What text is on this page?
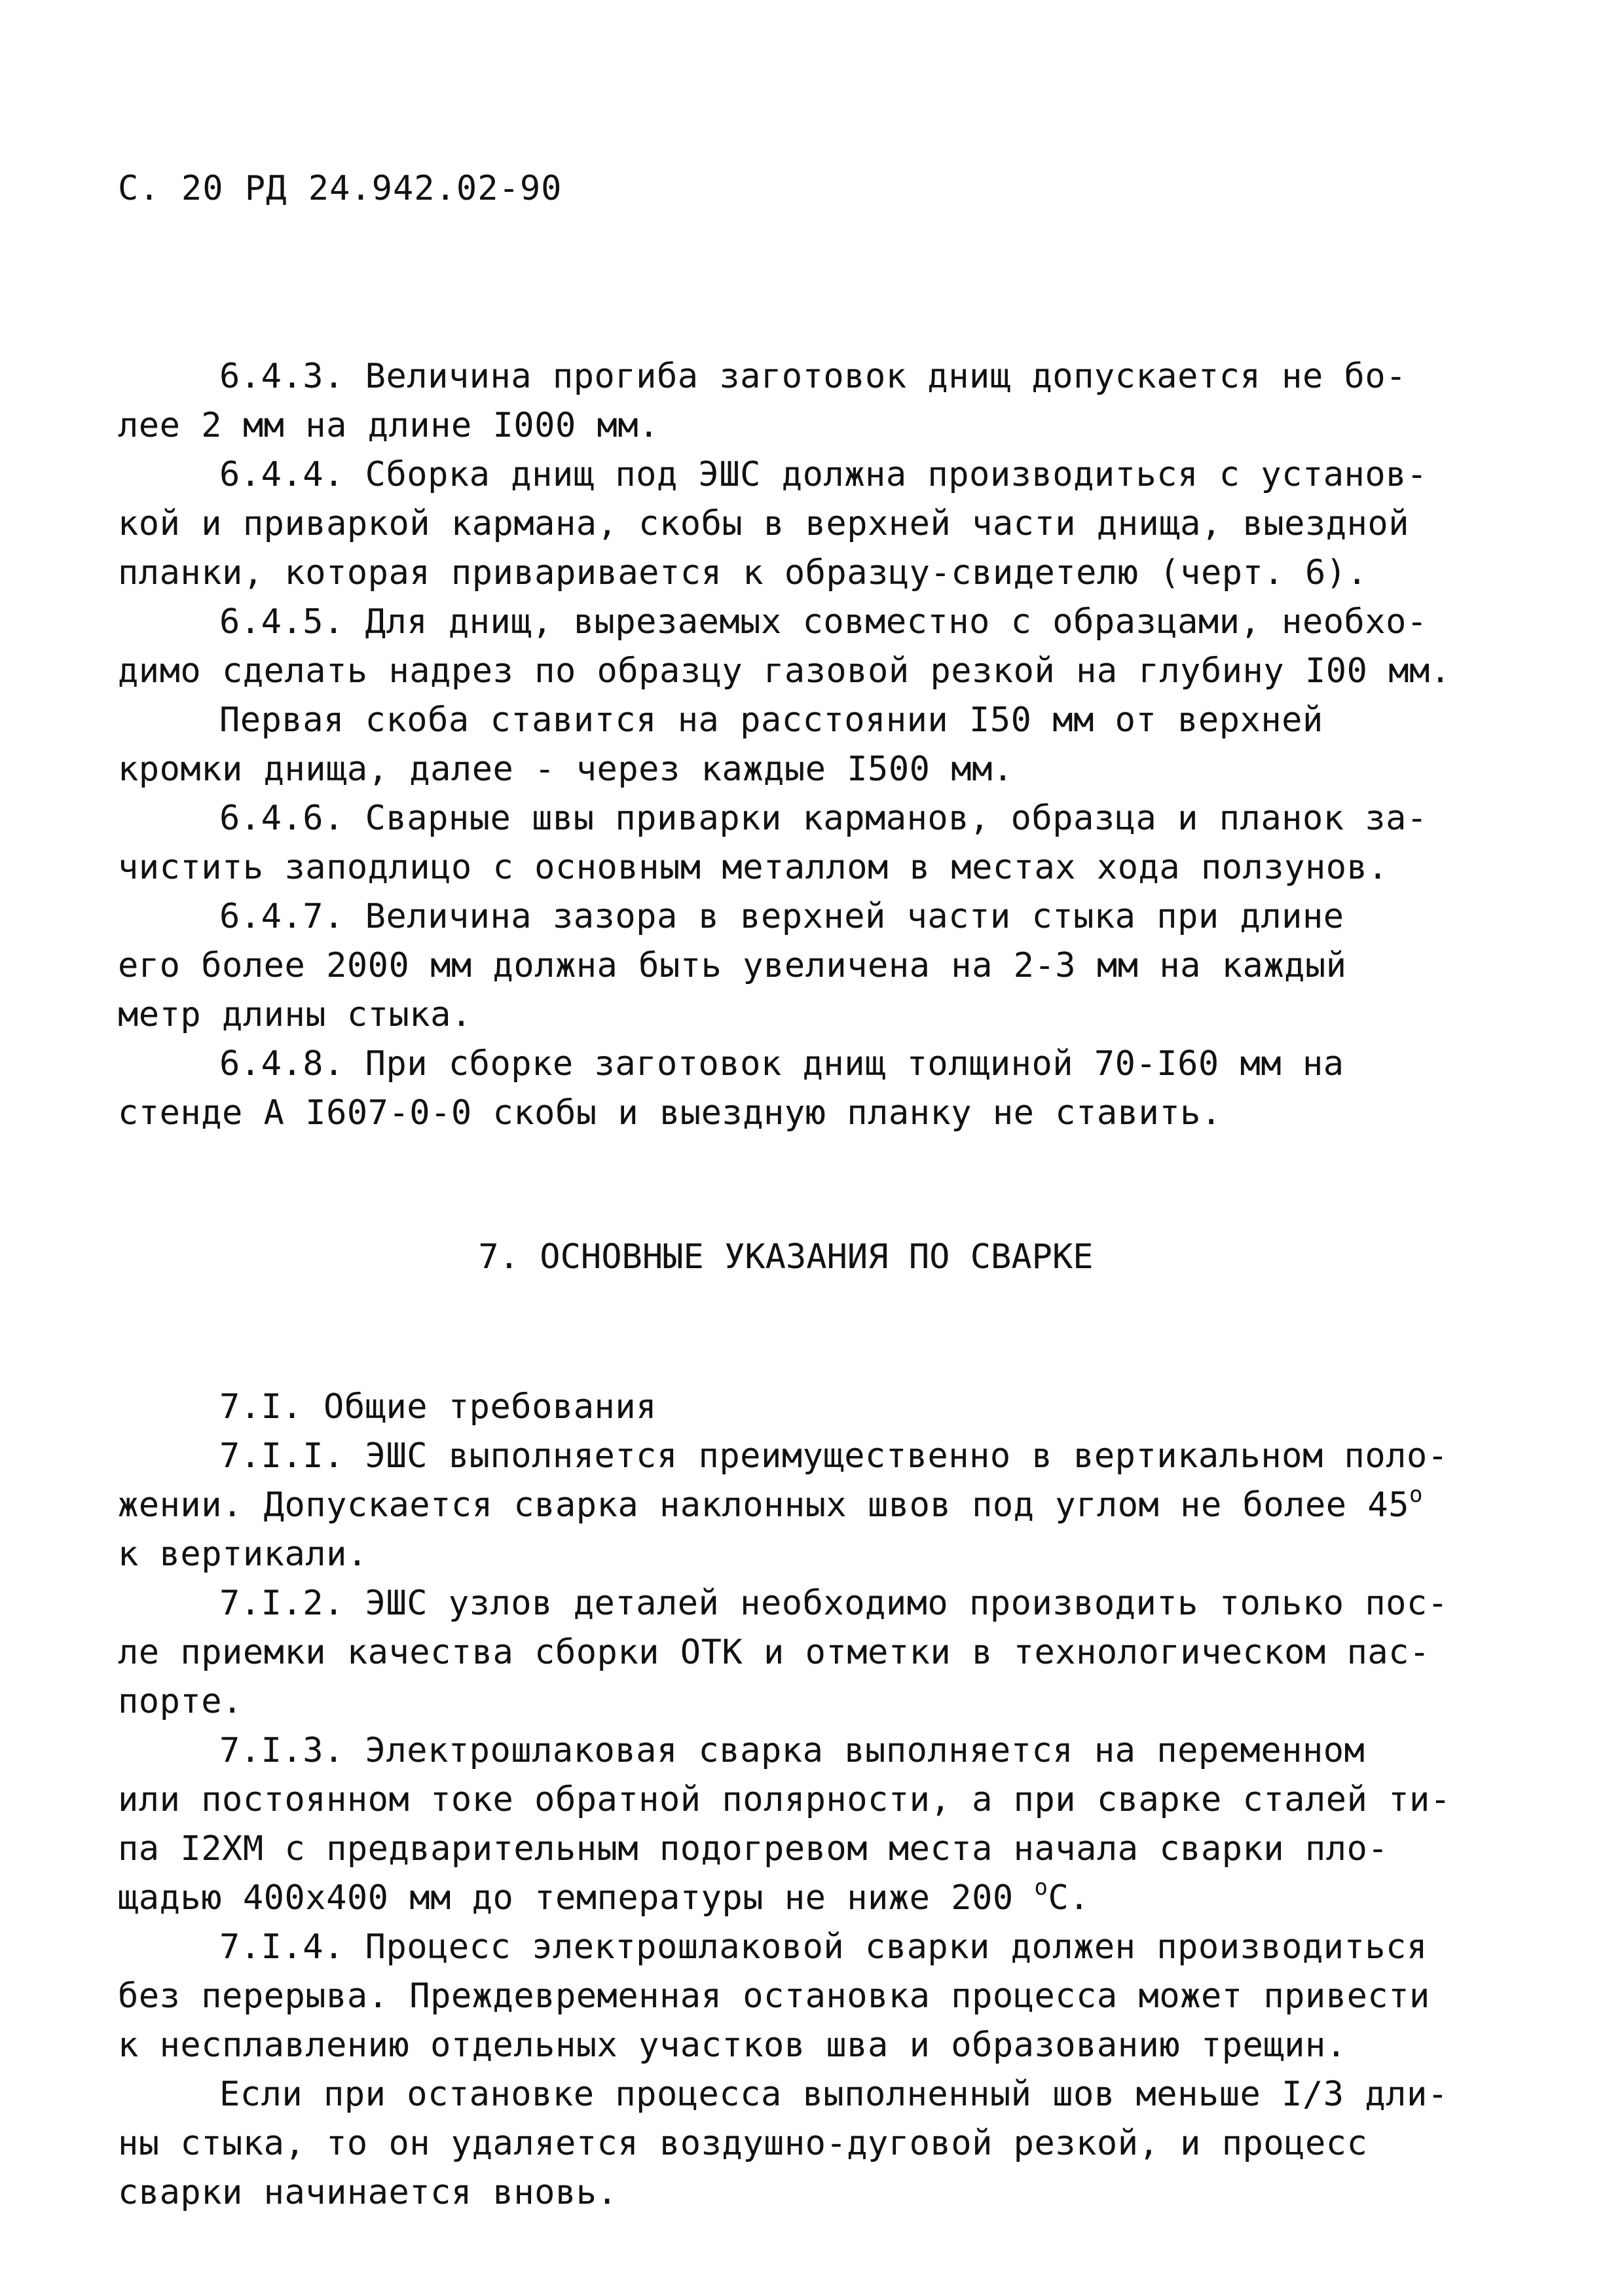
С. 20 РД 24.942.02-90
6.4.3. Величина прогиба заготовок днищ допускается не бо-
лее 2 мм на длине І000 мм.
6.4.4. Сборка днищ под ЭШС должна производиться с установ-
кой и приваркой кармана, скобы в верхней части днища, выездной
планки, которая приваривается к образцу-свидетелю (черт. 6).
6.4.5. Для днищ, вырезаемых совместно с образцами, необхо-
димо сделать надрез по образцу газовой резкой на глубину І00 мм.
Первая скоба ставится на расстоянии І50 мм от верхней
кромки днища, далее - через каждые І500 мм.
6.4.6. Сварные швы приварки карманов, образца и планок за-
чистить заподлицо с основным металлом в местах хода ползунов.
6.4.7. Величина зазора в верхней части стыка при длине
его более 2000 мм должна быть увеличена на 2-3 мм на каждый
метр длины стыка.
6.4.8. При сборке заготовок днищ толщиной 70-І60 мм на
стенде А І607-0-0 скобы и выездную планку не ставить.
7. ОСНОВНЫЕ УКАЗАНИЯ ПО СВАРКЕ
7.І. Общие требования
7.І.І. ЭШС выполняется преимущественно в вертикальном поло-
жении. Допускается сварка наклонных швов под углом не более $45^о$
к вертикали.
7.І.2. ЭШС узлов деталей необходимо производить только пос-
ле приемки качества сборки ОТК и отметки в технологическом пас-
порте.
7.І.3. Электрошлаковая сварка выполняется на переменном
или постоянном токе обратной полярности, а при сварке сталей ти-
па І2ХМ с предварительным подогревом места начала сварки пло-
щадью 400х400 мм до температуры не ниже 200 $^о$С.
7.І.4. Процесс электрошлаковой сварки должен производиться
без перерыва. Преждевременная остановка процесса может привести
к несплавлению отдельных участков шва и образованию трещин.
Если при остановке процесса выполненный шов меньше І/3 дли-
ны стыка, то он удаляется воздушно-дуговой резкой, и процесс
сварки начинается вновь.
